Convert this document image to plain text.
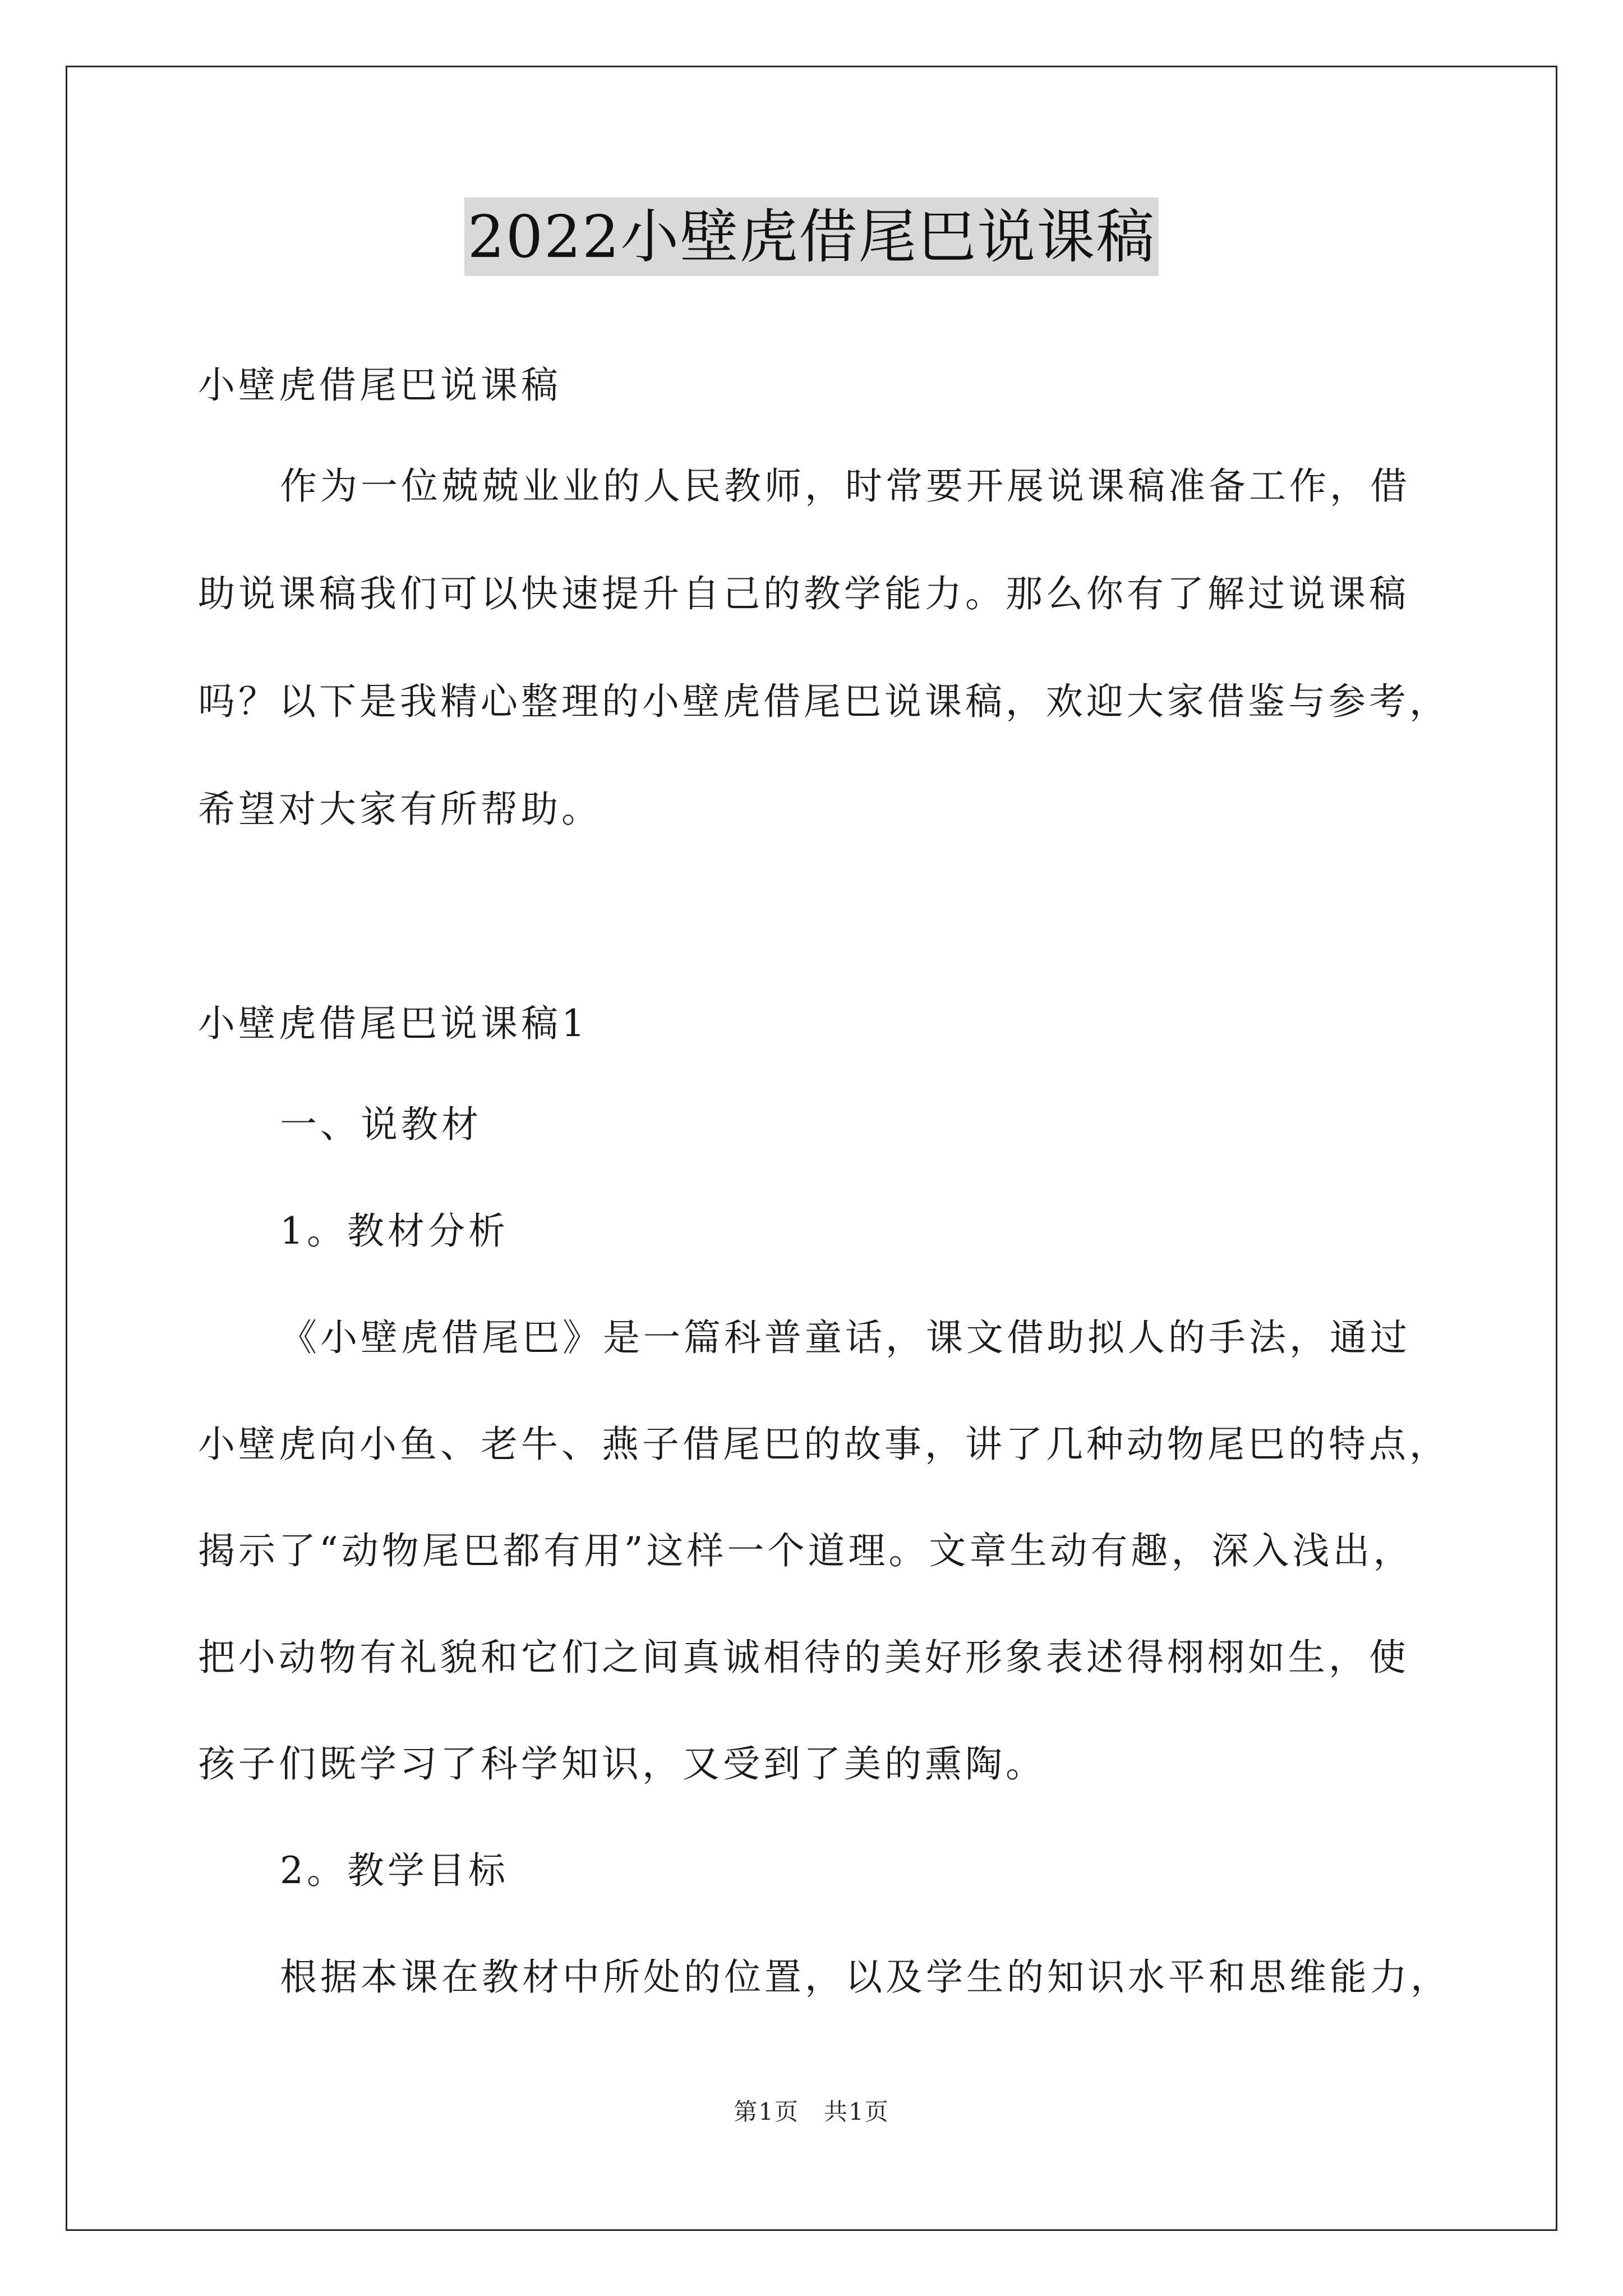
2022小壁虎借尾巴说课稿
小壁虎借尾巴说课稿
作为一位兢兢业业的人民教师，时常要开展说课稿准备工作，借
助说课稿我们可以快速提升自己的教学能力。那么你有了解过说课稿
吗？以下是我精心整理的小壁虎借尾巴说课稿，欢迎大家借鉴与参考，
希望对大家有所帮助。
小壁虎借尾巴说课稿1
一、说教材
1。教材分析
《小壁虎借尾巴》是一篇科普童话，课文借助拟人的手法，通过
小壁虎向小鱼、老牛、燕子借尾巴的故事，讲了几种动物尾巴的特点，
揭示了“动物尾巴都有用”这样一个道理。文章生动有趣，深入浅出，
把小动物有礼貌和它们之间真诚相待的美好形象表述得栩栩如生，使
孩子们既学习了科学知识，又受到了美的熏陶。
2。教学目标
根据本课在教材中所处的位置，以及学生的知识水平和思维能力，
第1页　共1页
